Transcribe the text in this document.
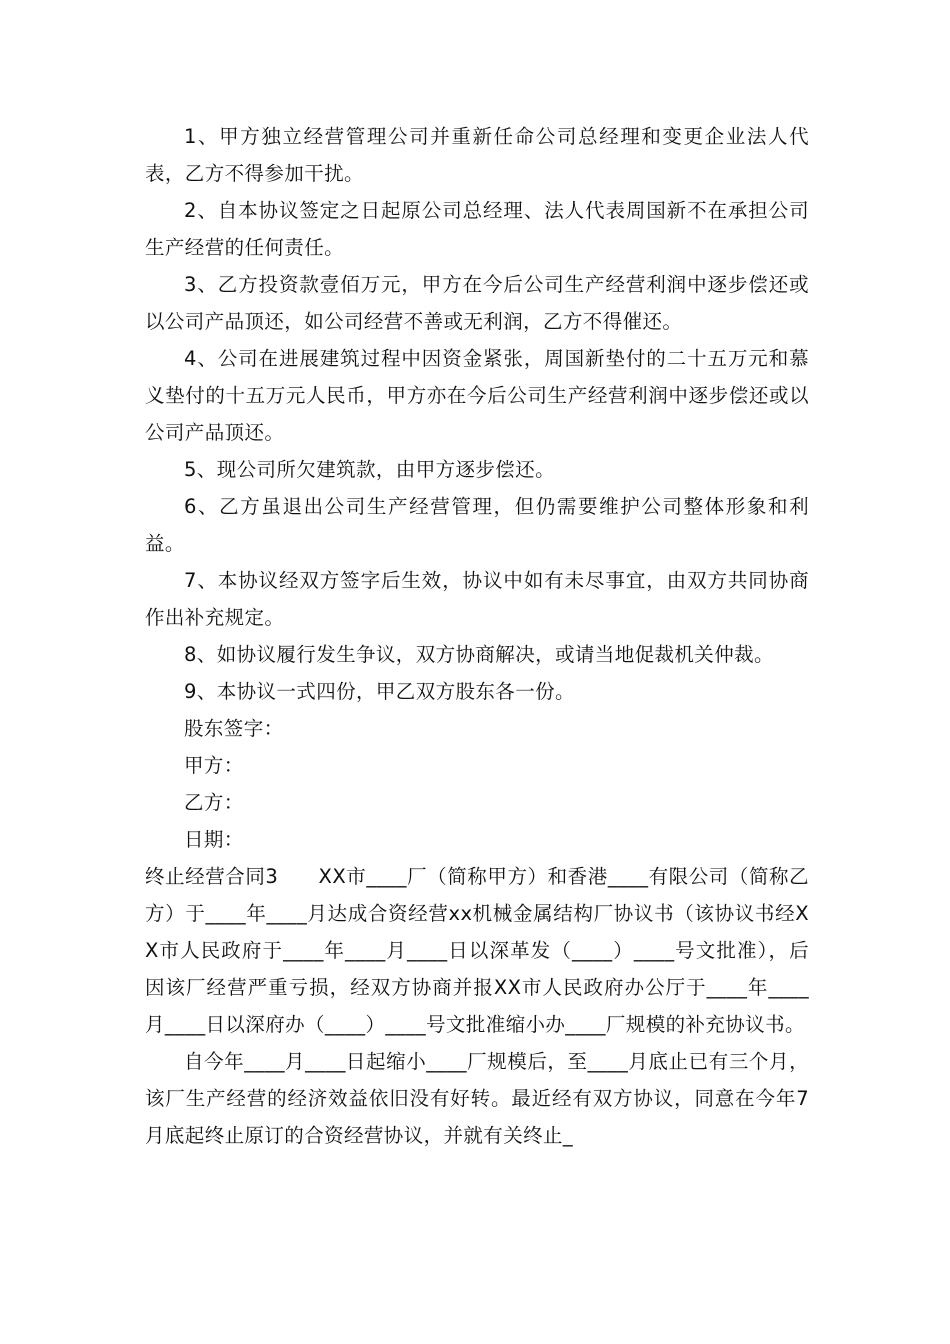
1、甲方独立经营管理公司并重新任命公司总经理和变更企业法人代表，乙方不得参加干扰。

2、自本协议签定之日起原公司总经理、法人代表周国新不在承担公司生产经营的任何责任。

3、乙方投资款壹佰万元，甲方在今后公司生产经营利润中逐步偿还或以公司产品顶还，如公司经营不善或无利润，乙方不得催还。

4、公司在进展建筑过程中因资金紧张，周国新垫付的二十五万元和慕义垫付的十五万元人民币，甲方亦在今后公司生产经营利润中逐步偿还或以公司产品顶还。

5、现公司所欠建筑款，由甲方逐步偿还。

6、乙方虽退出公司生产经营管理，但仍需要维护公司整体形象和利益。

7、本协议经双方签字后生效，协议中如有未尽事宜，由双方共同协商作出补充规定。

8、如协议履行发生争议，双方协商解决，或请当地促裁机关仲裁。

9、本协议一式四份，甲乙双方股东各一份。

股东签字：

甲方：

乙方：

日期：

终止经营合同3　　XX市____厂（简称甲方）和香港____有限公司（简称乙方）于____年____月达成合资经营xx机械金属结构厂协议书（该协议书经XX市人民政府于____年____月____日以深革发（____）____号文批准），后因该厂经营严重亏损，经双方协商并报XX市人民政府办公厅于____年____月____日以深府办（____）____号文批准缩小办____厂规模的补充协议书。

自今年____月____日起缩小____厂规模后，至____月底止已有三个月，该厂生产经营的经济效益依旧没有好转。最近经有双方协议，同意在今年7月底起终止原订的合资经营协议，并就有关终止_
